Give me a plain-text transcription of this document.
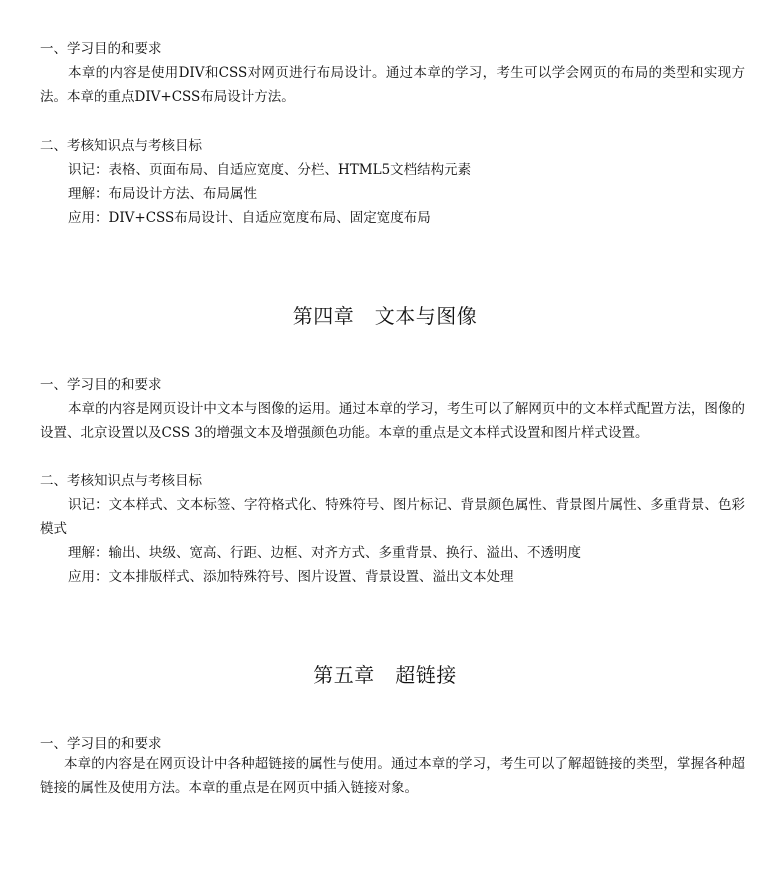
一、学习目的和要求
本章的内容是使用DIV和CSS对网页进行布局设计。通过本章的学习，考生可以学会网页的布局的类型和实现方法。本章的重点DIV+CSS布局设计方法。
二、考核知识点与考核目标
识记：表格、页面布局、自适应宽度、分栏、HTML5文档结构元素
理解：布局设计方法、布局属性
应用：DIV+CSS布局设计、自适应宽度布局、固定宽度布局
第四章　文本与图像
一、学习目的和要求
本章的内容是网页设计中文本与图像的运用。通过本章的学习，考生可以了解网页中的文本样式配置方法，图像的设置、北京设置以及CSS 3的增强文本及增强颜色功能。本章的重点是文本样式设置和图片样式设置。
二、考核知识点与考核目标
识记：文本样式、文本标签、字符格式化、特殊符号、图片标记、背景颜色属性、背景图片属性、多重背景、色彩模式
理解：输出、块级、宽高、行距、边框、对齐方式、多重背景、换行、溢出、不透明度
应用：文本排版样式、添加特殊符号、图片设置、背景设置、溢出文本处理
第五章　超链接
一、学习目的和要求
本章的内容是在网页设计中各种超链接的属性与使用。通过本章的学习，考生可以了解超链接的类型，掌握各种超链接的属性及使用方法。本章的重点是在网页中插入链接对象。
